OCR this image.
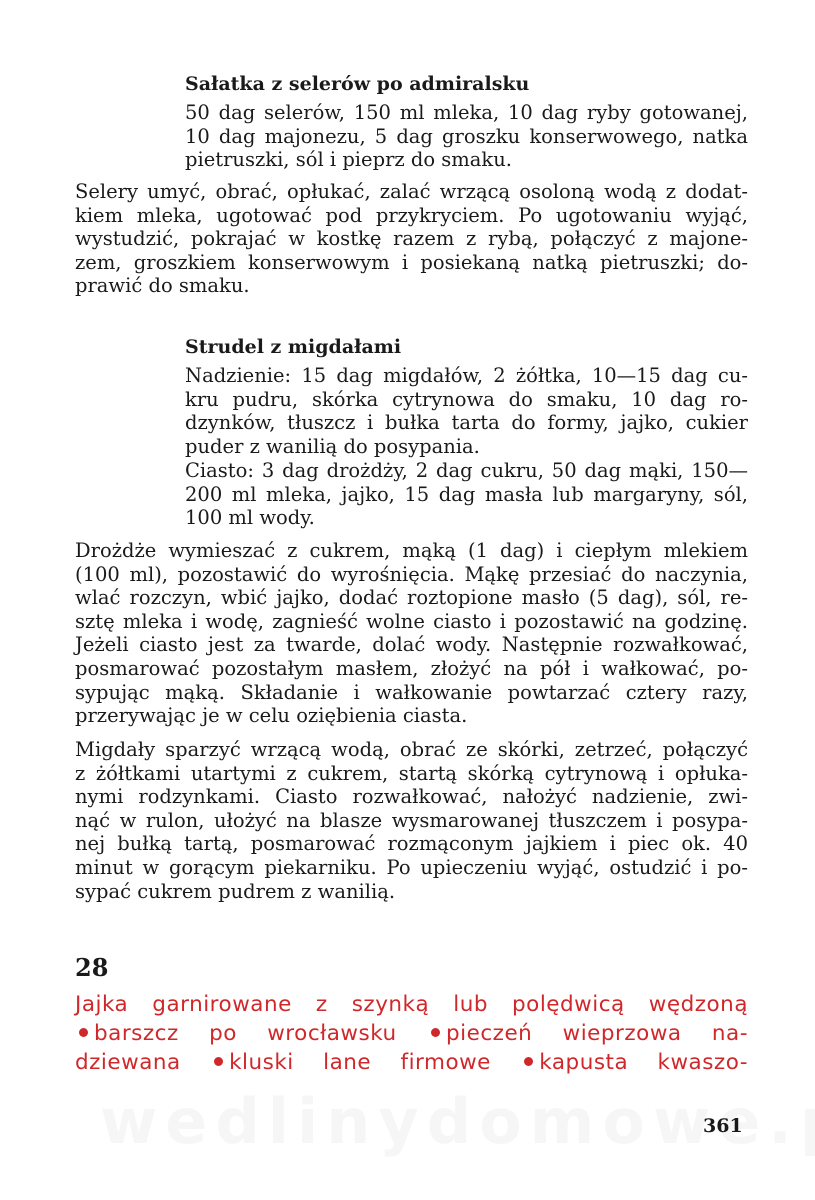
Sałatka z selerów po admiralsku
50 dag selerów, 150 ml mleka, 10 dag ryby gotowanej,
10 dag majonezu, 5 dag groszku konserwowego, natka
pietruszki, sól i pieprz do smaku.
Selery umyć, obrać, opłukać, zalać wrzącą osoloną wodą z dodat-
kiem mleka, ugotować pod przykryciem. Po ugotowaniu wyjąć,
wystudzić, pokrajać w kostkę razem z rybą, połączyć z majone-
zem, groszkiem konserwowym i posiekaną natką pietruszki; do-
prawić do smaku.
Strudel z migdałami
Nadzienie: 15 dag migdałów, 2 żółtka, 10—15 dag cu-
kru pudru, skórka cytrynowa do smaku, 10 dag ro-
dzynków, tłuszcz i bułka tarta do formy, jajko, cukier
puder z wanilią do posypania.
Ciasto: 3 dag drożdży, 2 dag cukru, 50 dag mąki, 150—
200 ml mleka, jajko, 15 dag masła lub margaryny, sól,
100 ml wody.
Drożdże wymieszać z cukrem, mąką (1 dag) i ciepłym mlekiem
(100 ml), pozostawić do wyrośnięcia. Mąkę przesiać do naczynia,
wlać rozczyn, wbić jajko, dodać roztopione masło (5 dag), sól, re-
sztę mleka i wodę, zagnieść wolne ciasto i pozostawić na godzinę.
Jeżeli ciasto jest za twarde, dolać wody. Następnie rozwałkować,
posmarować pozostałym masłem, złożyć na pół i wałkować, po-
sypując mąką. Składanie i wałkowanie powtarzać cztery razy,
przerywając je w celu oziębienia ciasta.
Migdały sparzyć wrzącą wodą, obrać ze skórki, zetrzeć, połączyć
z żółtkami utartymi z cukrem, startą skórką cytrynową i opłuka-
nymi rodzynkami. Ciasto rozwałkować, nałożyć nadzienie, zwi-
nąć w rulon, ułożyć na blasze wysmarowanej tłuszczem i posypa-
nej bułką tartą, posmarować rozmąconym jajkiem i piec ok. 40
minut w gorącym piekarniku. Po upieczeniu wyjąć, ostudzić i po-
sypać cukrem pudrem z wanilią.
28
Jajka garnirowane z szynką lub polędwicą wędzoną
barszcz po wrocławsku pieczeń wieprzowa na-
dziewana kluski lane firmowe kapusta kwaszo-
361
